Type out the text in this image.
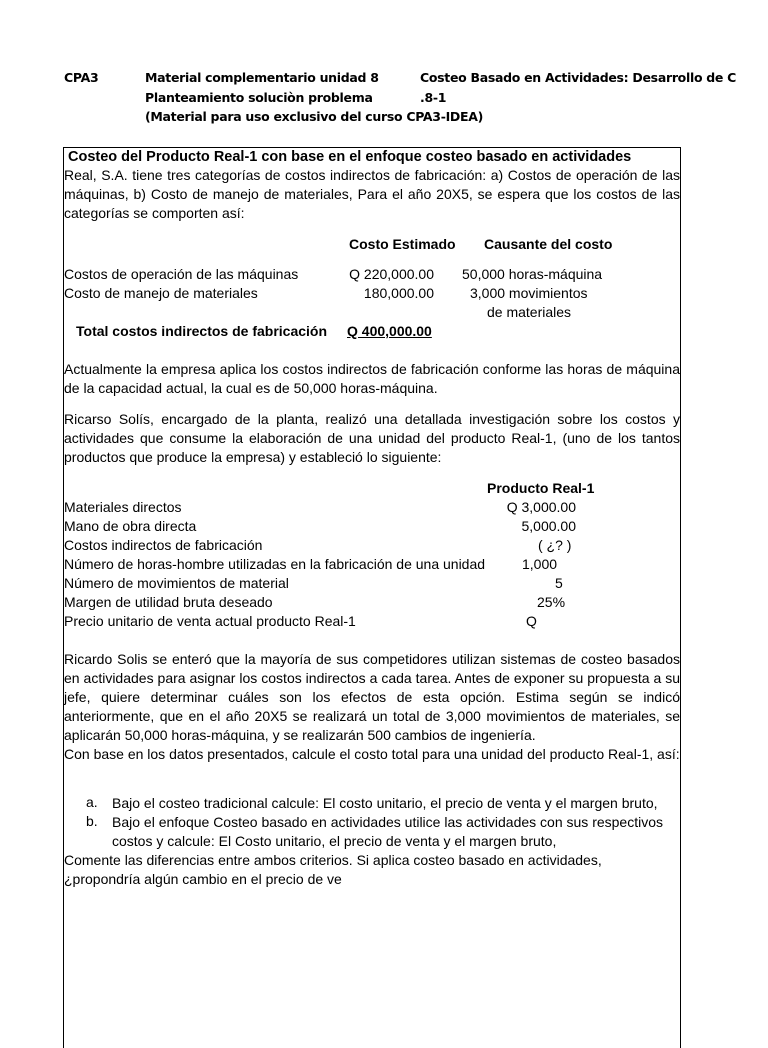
CPA3	Material complementario unidad 8	Costeo Basado en Actividades: Desarrollo de C
Planteamiento soluciòn problema	.8-1
(Material para uso exclusivo del curso CPA3-IDEA)
Costeo del Producto Real-1 con base en el enfoque costeo basado en actividades
Real, S.A. tiene tres categorías de costos indirectos de fabricación: a) Costos de operación de las máquinas, b) Costo de manejo de materiales, Para el año 20X5, se espera que los costos de las categorías se comporten así:
Costo Estimado Causante del costo
Costos de operación de las máquinas	Q 220,000.00 50,000 horas-máquina
Costo de manejo de materiales	180,000.00	3,000 movimientos
de materiales
Total costos indirectos de fabricación Q 400,000.00
Actualmente la empresa aplica los costos indirectos de fabricación conforme las horas de máquina de la capacidad actual, la cual es de 50,000 horas-máquina.
Ricarso Solís, encargado de la planta, realizó una detallada investigación sobre los costos y actividades que consume la elaboración de una unidad del producto Real-1, (uno de los tantos productos que produce la empresa) y estableció lo siguiente:
Producto Real-1
Materiales directos	Q 3,000.00
Mano de obra directa	5,000.00
Costos indirectos de fabricación	( ¿? )
Número de horas-hombre utilizadas en la fabricación de una unidad	1,000
Número de movimientos de material	5
Margen de utilidad bruta deseado	25%
Precio unitario de venta actual producto Real-1	Q
Ricardo Solis se enteró que la mayoría de sus competidores utilizan sistemas de costeo basados en actividades para asignar los costos indirectos a cada tarea. Antes de exponer su propuesta a su jefe, quiere determinar cuáles son los efectos de esta opción. Estima según se indicó anteriormente, que en el año 20X5 se realizará un total de 3,000 movimientos de materiales, se aplicarán 50,000 horas-máquina, y se realizarán 500 cambios de ingeniería.
Con base en los datos presentados, calcule el costo total para una unidad del producto Real-1, así:
a. Bajo el costeo tradicional calcule: El costo unitario, el precio de venta y el margen bruto,
b. Bajo el enfoque Costeo basado en actividades utilice las actividades con sus respectivos costos y calcule: El Costo unitario, el precio de venta y el margen bruto,
Comente las diferencias entre ambos criterios. Si aplica costeo basado en actividades, ¿propondría algún cambio en el precio de ve
